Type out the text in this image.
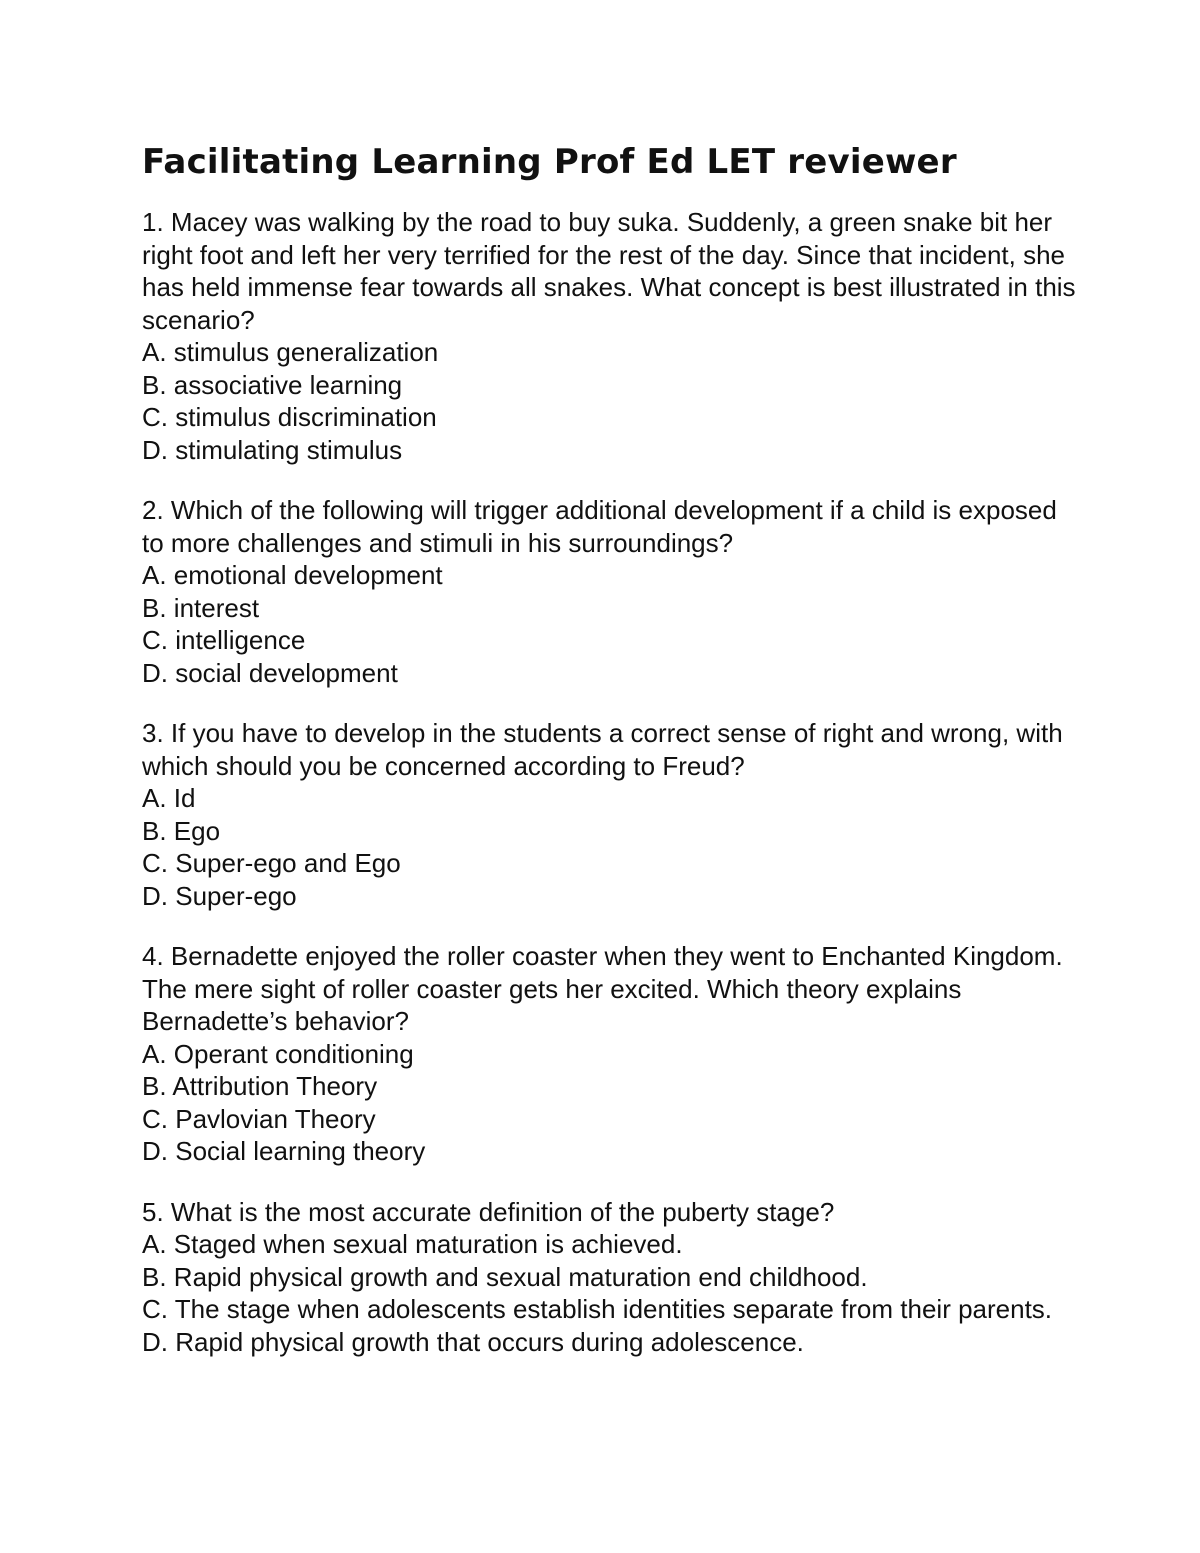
Facilitating Learning Prof Ed LET reviewer

1. Macey was walking by the road to buy suka. Suddenly, a green snake bit her right foot and left her very terrified for the rest of the day. Since that incident, she has held immense fear towards all snakes. What concept is best illustrated in this scenario?

A. stimulus generalization
B. associative learning
C. stimulus discrimination
D. stimulating stimulus

2. Which of the following will trigger additional development if a child is exposed to more challenges and stimuli in his surroundings?

A. emotional development
B. interest
C. intelligence
D. social development

3. If you have to develop in the students a correct sense of right and wrong, with which should you be concerned according to Freud?

A. Id
B. Ego
C. Super-ego and Ego
D. Super-ego

4. Bernadette enjoyed the roller coaster when they went to Enchanted Kingdom. The mere sight of roller coaster gets her excited. Which theory explains Bernadette’s behavior?

A. Operant conditioning
B. Attribution Theory
C. Pavlovian Theory
D. Social learning theory

5. What is the most accurate definition of the puberty stage?

A. Staged when sexual maturation is achieved.
B. Rapid physical growth and sexual maturation end childhood.
C. The stage when adolescents establish identities separate from their parents.
D. Rapid physical growth that occurs during adolescence.
